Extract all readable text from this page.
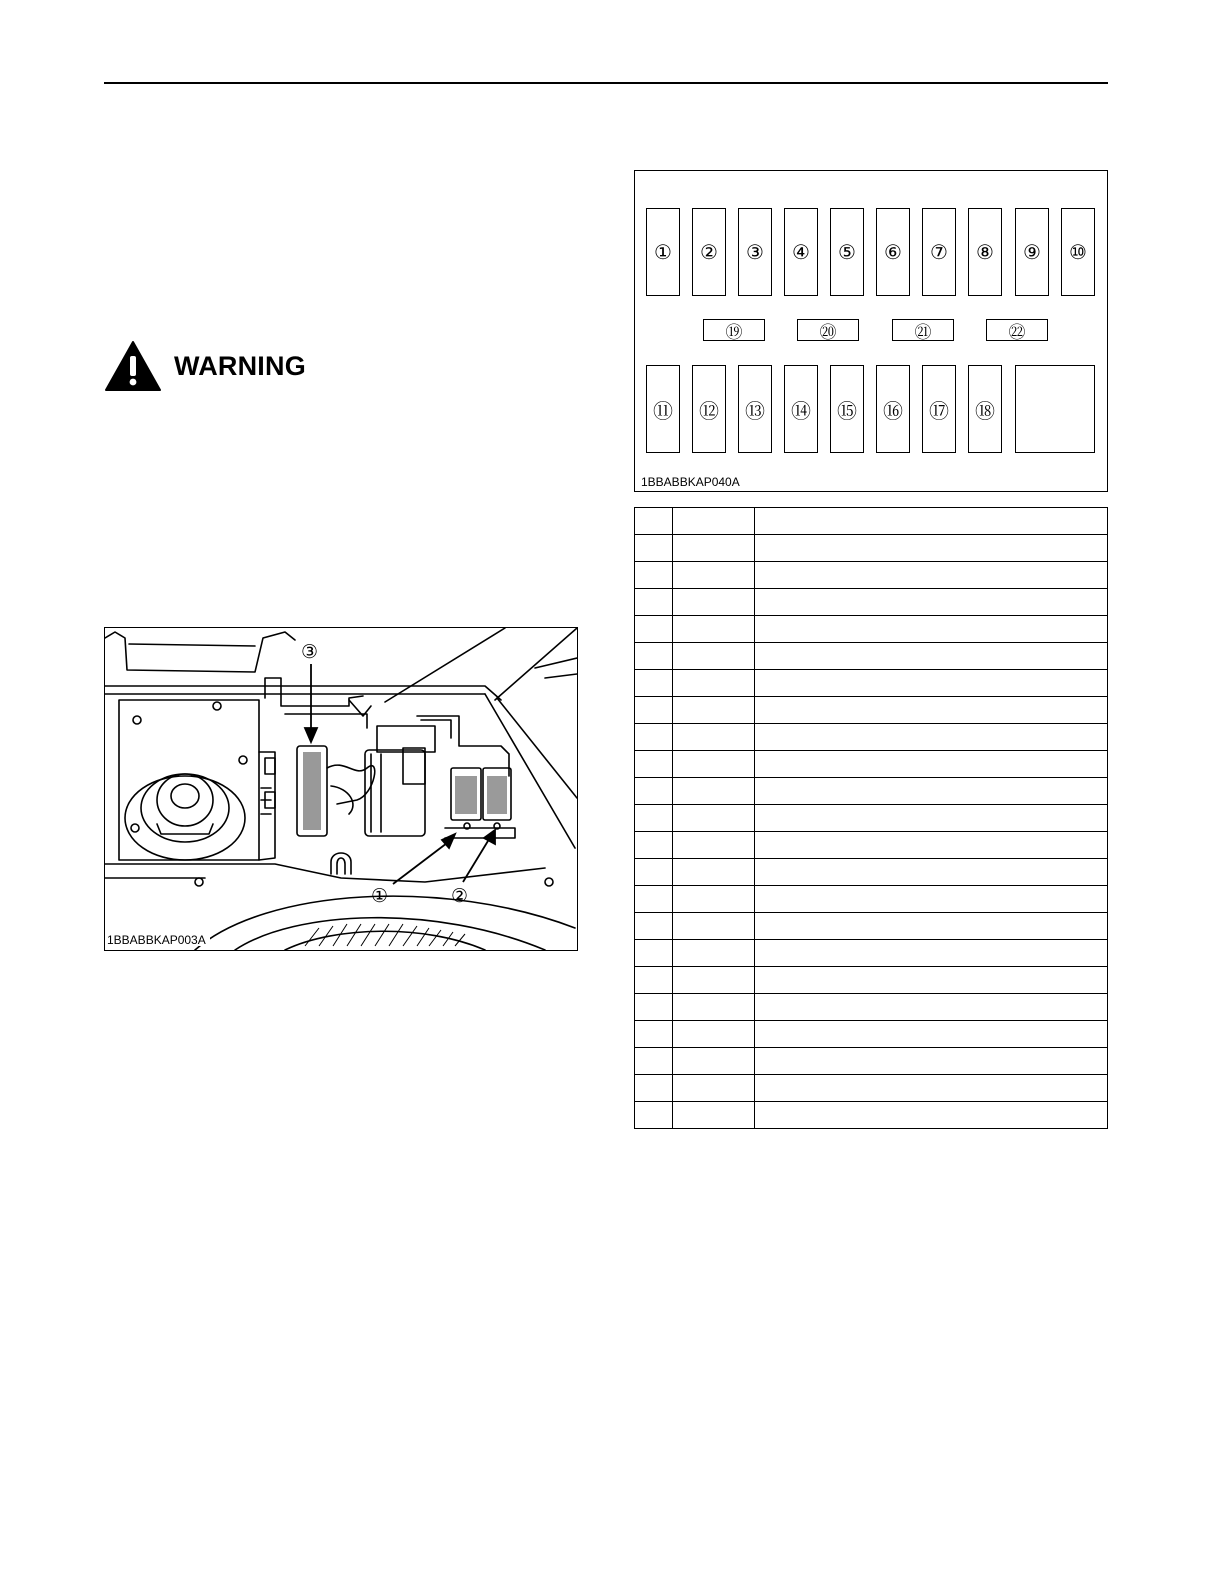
WARNING
③
①	②
1BBABBKAP003A
①	②	③	④	⑤	⑥	⑦	⑧	⑨	⑩
⑲	⑳	㉑	㉒
⑪	⑫	⑬	⑭	⑮	⑯	⑰	⑱
1BBABBKAP040A
